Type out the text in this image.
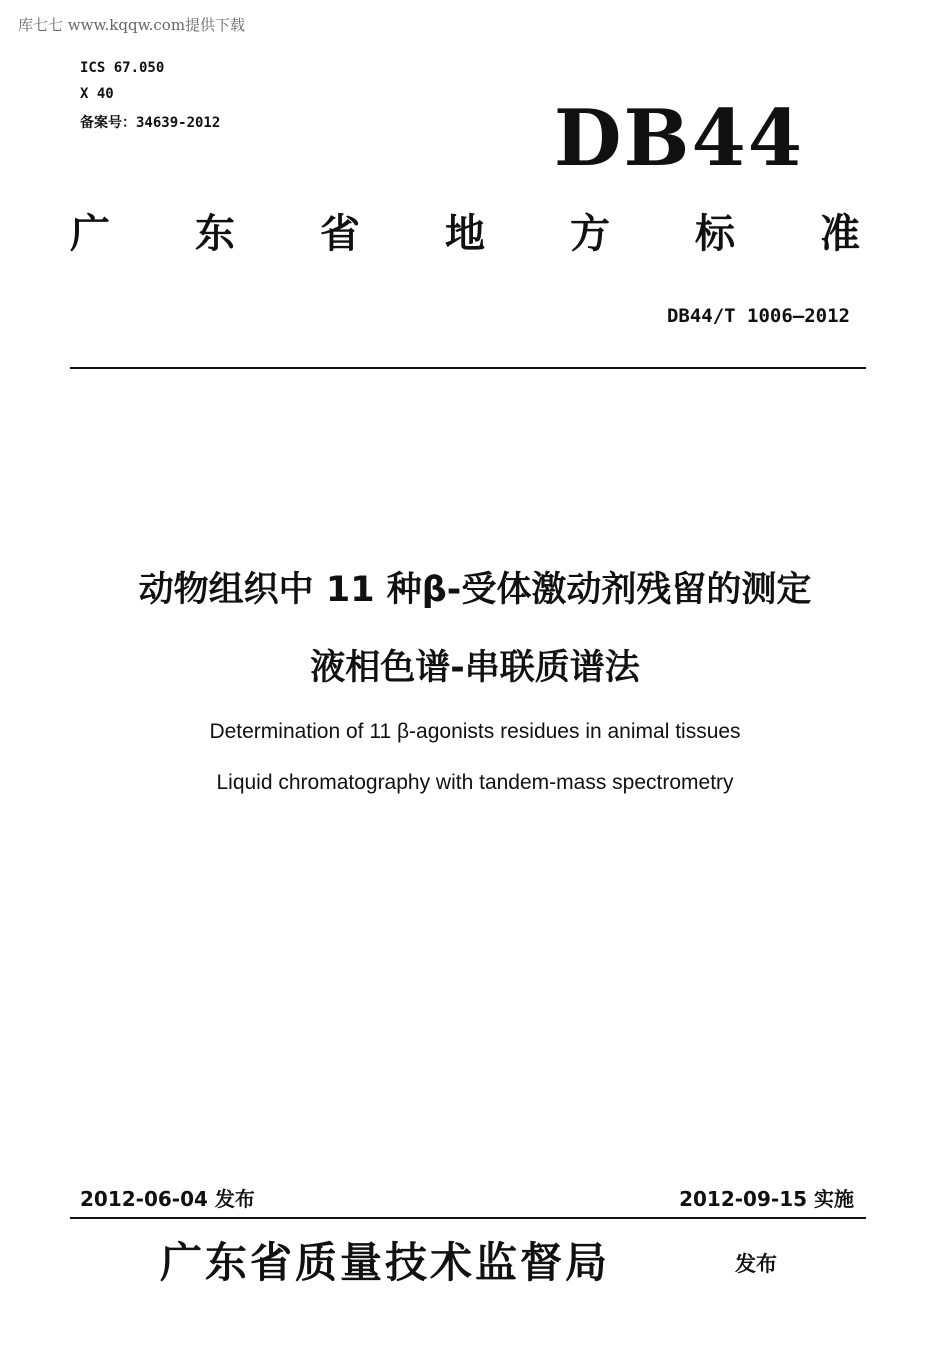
库七七 www.kqqw.com提供下载
ICS 67.050
X 40
备案号：34639-2012	DB44
广 东 省 地 方 标 准
DB44/T 1006—2012
动物组织中 11 种β-受体激动剂残留的测定
液相色谱-串联质谱法
Determination of 11 β-agonists residues in animal tissues
Liquid chromatography with tandem-mass spectrometry
2012-06-04 发布	2012-09-15 实施
广东省质量技术监督局	发布
